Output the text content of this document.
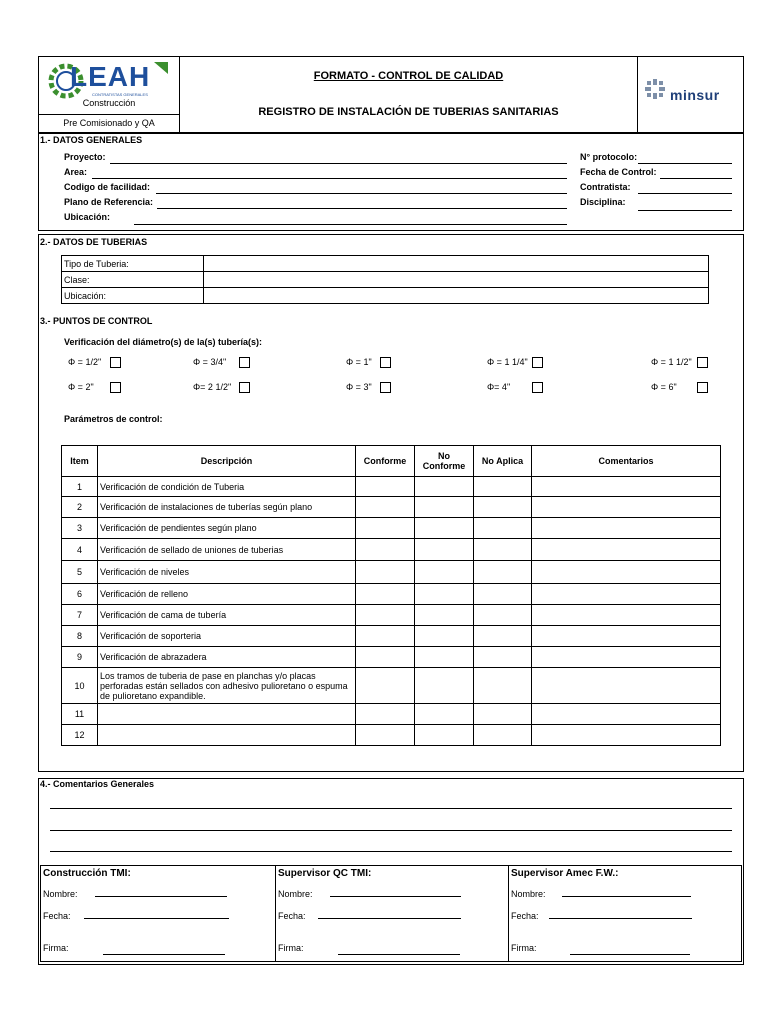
LEAH
CONTRATISTAS GENERALES
Construcción
Pre Comisionado y QA
FORMATO - CONTROL DE CALIDAD
REGISTRO DE INSTALACIÓN DE TUBERIAS SANITARIAS
minsur
1.- DATOS GENERALES
Proyecto:
Area:
Codigo de facilidad:
Plano de Referencia:
Ubicación:
N° protocolo:
Fecha de Control:
Contratista:
Disciplina:
2.- DATOS DE TUBERIAS
Tipo de Tuberia:	
Clase:	
Ubicación:	
3.- PUNTOS DE CONTROL
Verificación del diámetro(s) de la(s) tubería(s):
Φ = 1/2"	Φ = 3/4"	Φ = 1"	Φ = 1 1/4"	Φ = 1 1/2"
Φ = 2"	Φ= 2 1/2"	Φ = 3"	Φ= 4"	Φ = 6"
Parámetros de control:
Item	Descripción	Conforme	No Conforme	No Aplica	Comentarios
1	Verificación de condición de Tuberia				
2	Verificación de instalaciones de tuberías según plano				
3	Verificación de pendientes según plano				
4	Verificación de sellado de uniones de tuberias				
5	Verificación de niveles				
6	Verificación de relleno				
7	Verificación de cama de tubería				
8	Verificación de soporteria				
9	Verificación de abrazadera				
10	Los tramos de tuberia de pase en planchas y/o placas perforadas están sellados con adhesivo pulioretano o espuma de pulioretano expandible.				
11					
12					
4.- Comentarios Generales
Construcción TMI:
Nombre:
Fecha:
Firma:
Supervisor QC TMI:
Nombre:
Fecha:
Firma:
Supervisor Amec F.W.:
Nombre:
Fecha:
Firma:
